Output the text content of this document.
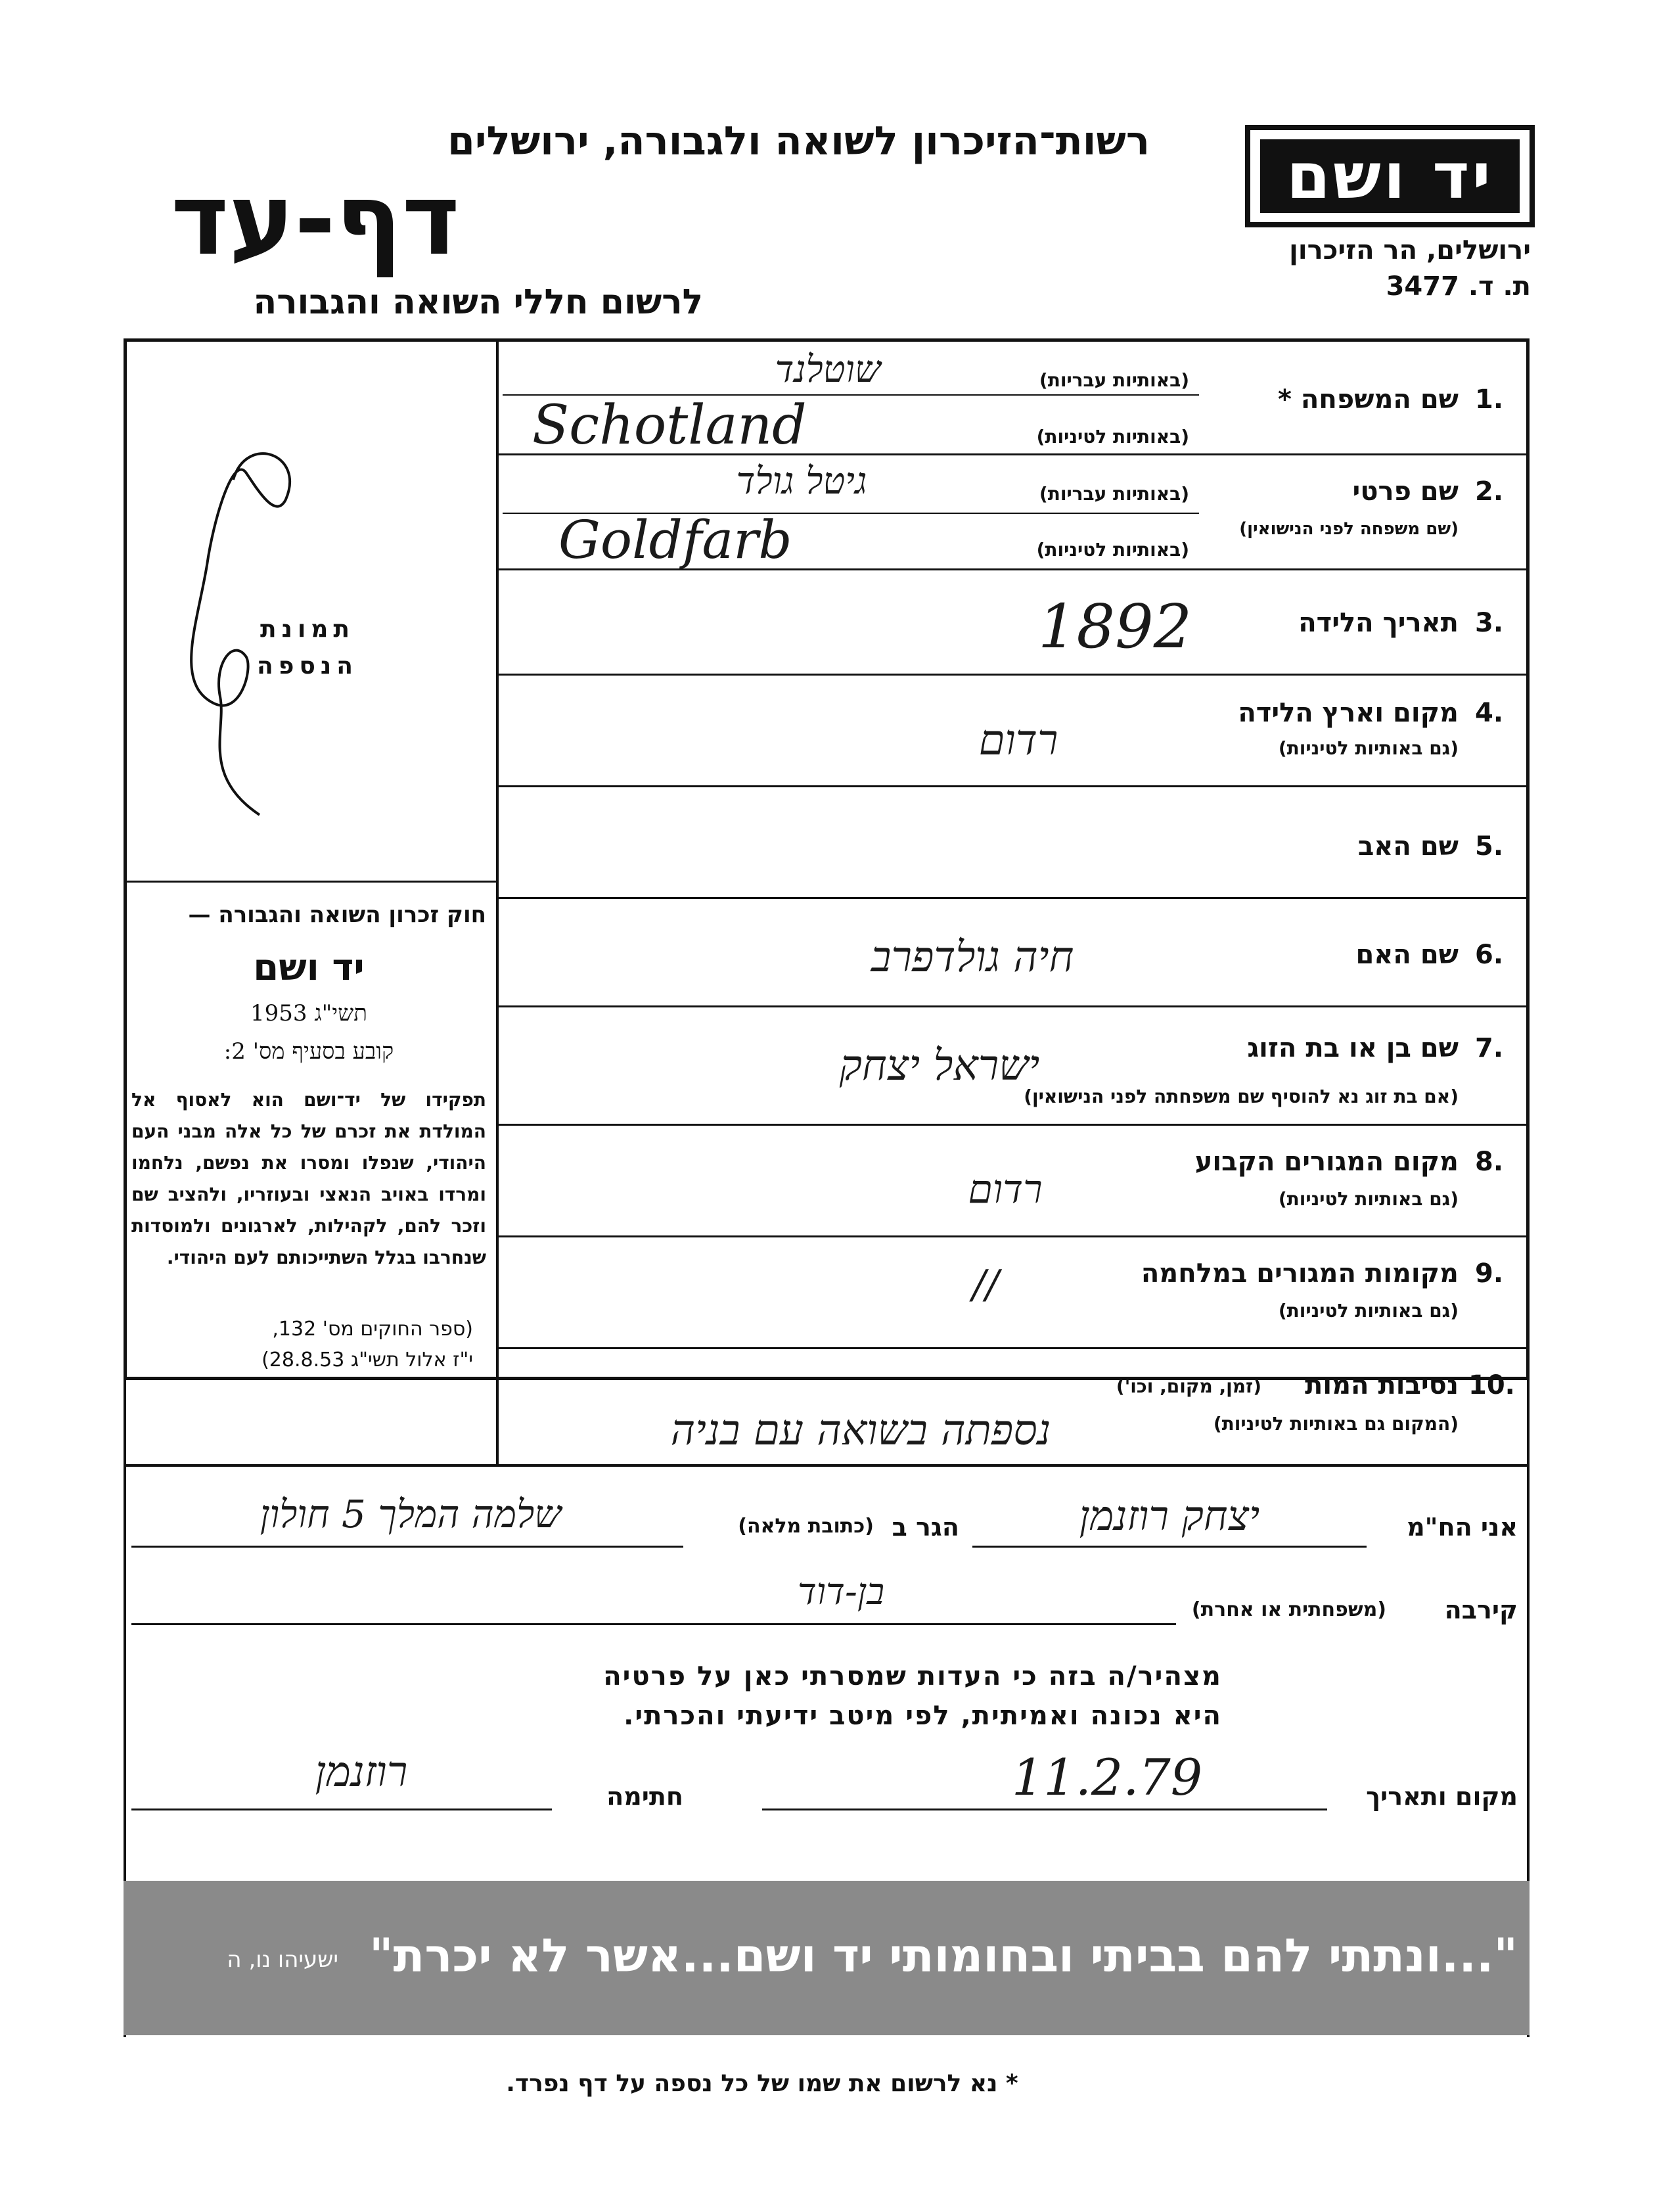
רשות־הזיכרון לשואה ולגבורה, ירושלים
דף-עד
לרשום חללי השואה והגבורה
יד ושם
ירושלים, הר הזיכרון
ת. ד. 3477
תמונת הנספה
חוק זכרון השואה והגבורה —
יד ושם
תשי"ג 1953
קובע בסעיף מס' 2:
תפקידו של יד־ושם הוא לאסוף אל המולדת את זכרם של כל אלה מבני העם היהודי, שנפלו ומסרו את נפשם, נלחמו ומרדו באויב הנאצי ובעוזריו, ולהציב שם וזכר להם, לקהילות, לארגונים ולמוסדות שנחרבו בגלל השתייכותם לעם היהודי.
(ספר החוקים מס' 132,
י"ז אלול תשי"ג 28.8.53)
1.
שם המשפחה *
(באותיות עבריות)
(באותיות לטיניות)
שוטלנד
Schotland
2.
שם פרטי
(שם משפחה לפני הנישואין)
(באותיות עבריות)
(באותיות לטיניות)
גיטל גולד
Goldfarb
3.
תאריך הלידה
1892
4.
מקום וארץ הלידה
(גם באותיות לטיניות)
רדום
5.
שם האב
6.
שם האם
חיה גולדפרב
7.
שם בן או בת הזוג
(אם בת זוג נא להוסיף שם משפחתה לפני הנישואין)
ישראל יצחק
8.
מקום המגורים הקבוע
(גם באותיות לטיניות)
רדום
9.
מקומות המגורים במלחמה
(גם באותיות לטיניות)
//
10.
נסיבות המות
(זמן, מקום, וכו')
(המקום גם באותיות לטיניות)
נספתה בשואה עם בניה
אני הח"מ
יצחק רוזנמן
הגר ב
(כתובת מלאה)
שלמה המלך 5 חולון
קירבה
(משפחתית או אחרת)
בן-דוד
מצהיר/ה בזה כי העדות שמסרתי כאן על פרטיה
היא נכונה ואמיתית, לפי מיטב ידיעתי והכרתי.
מקום ותאריך
11.2.79
חתימה
רוזנמן
"...ונתתי להם בביתי ובחומותי יד ושם...אשר לא יכרת"
ישעיהו נו, ה
* נא לרשום את שמו של כל נספה על דף נפרד.
